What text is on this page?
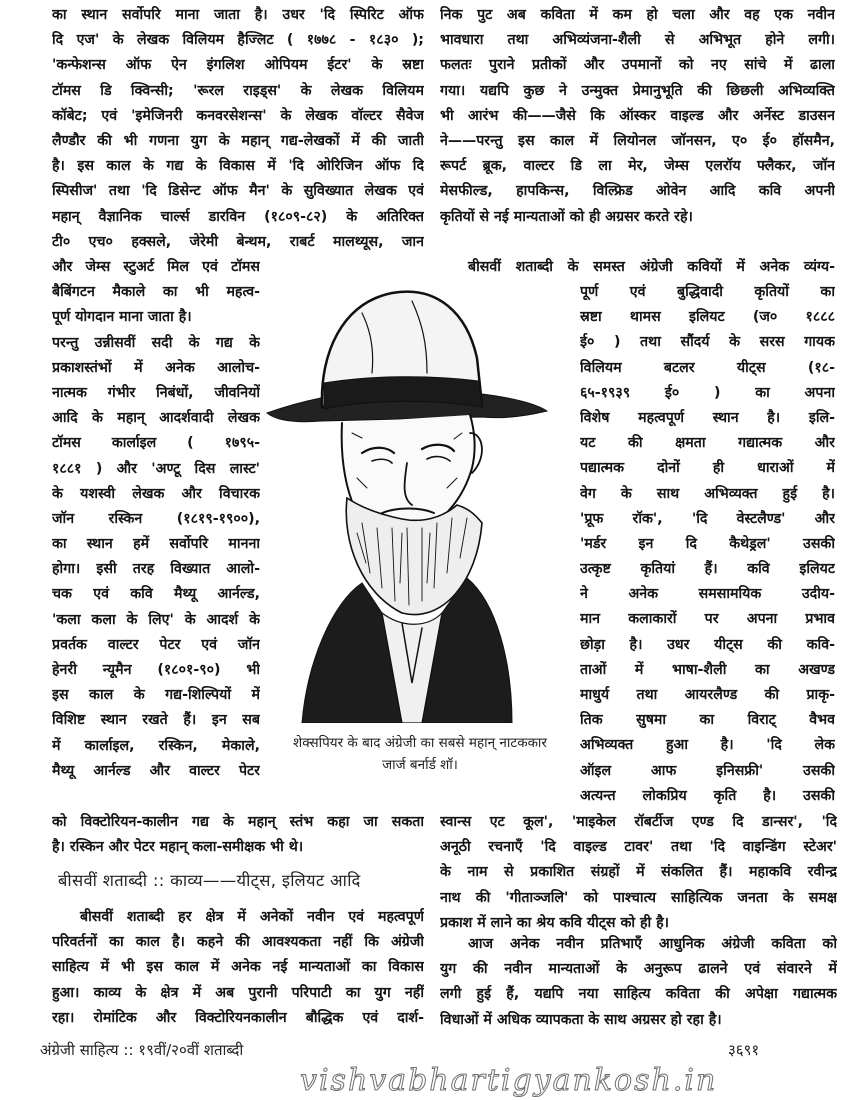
का स्थान सर्वोपरि माना जाता है। उधर 'दि स्पिरिट ऑफ
दि एज' के लेखक विलियम हैज्लिट ( १७७८ - १८३० );
'कन्फेशन्स ऑफ ऐन इंगलिश ओपियम ईटर' के स्रष्टा
टॉमस डि क्विन्सी; 'रूरल राइड्स' के लेखक विलियम
कॉबेट; एवं 'इमेजिनरी कनवरसेशन्स' के लेखक वॉल्टर सैवेज
लैण्डौर की भी गणना युग के महान् गद्य-लेखकों में की जाती
है। इस काल के गद्य के विकास में 'दि ओरिजिन ऑफ दि
स्पिसीज' तथा 'दि डिसेन्ट ऑफ मैन' के सुविख्यात लेखक एवं
महान् वैज्ञानिक चार्ल्स डारविन (१८०९-८२) के अतिरिक्त
टी० एच० हक्सले, जेरेमी बेन्थम, राबर्ट मालथ्यूस, जान
और जेम्स स्टुअर्ट मिल एवं टॉमस
बैबिंगटन मैकाले का भी महत्व-
पूर्ण योगदान माना जाता है।
परन्तु उन्नीसवीं सदी के गद्य के
प्रकाशस्तंभों में अनेक आलोच-
नात्मक गंभीर निबंधों, जीवनियों
आदि के महान् आदर्शवादी लेखक
टॉमस कार्लाइल ( १७९५-
१८८१ ) और 'अण्टू दिस लास्ट'
के यशस्वी लेखक और विचारक
जॉन रस्किन (१८१९-१९००),
का स्थान हमें सर्वोपरि मानना
होगा। इसी तरह विख्यात आलो-
चक एवं कवि मैथ्यू आर्नल्ड,
'कला कला के लिए' के आदर्श के
प्रवर्तक वाल्टर पेटर एवं जॉन
हेनरी न्यूमैन (१८०१-९०) भी
इस काल के गद्य-शिल्पियों में
विशिष्ट स्थान रखते हैं। इन सब
में कार्लाइल, रस्किन, मेकाले,
मैथ्यू आर्नल्ड और वाल्टर पेटर
को विक्टोरियन-कालीन गद्य के महान् स्तंभ कहा जा सकता
है। रस्किन और पेटर महान् कला-समीक्षक भी थे।
बीसवीं शताब्दी :: काव्य——यीट्स, इलियट आदि
बीसवीं शताब्दी हर क्षेत्र में अनेकों नवीन एवं महत्वपूर्ण
परिवर्तनों का काल है। कहने की आवश्यकता नहीं कि अंग्रेजी
साहित्य में भी इस काल में अनेक नई मान्यताओं का विकास
हुआ। काव्य के क्षेत्र में अब पुरानी परिपाटी का युग नहीं
रहा। रोमांटिक और विक्टोरियनकालीन बौद्धिक एवं दार्श-
निक पुट अब कविता में कम हो चला और वह एक नवीन
भावधारा तथा अभिव्यंजना-शैली से अभिभूत होने लगी।
फलतः पुराने प्रतीकों और उपमानों को नए सांचे में ढाला
गया। यद्यपि कुछ ने उन्मुक्त प्रेमानुभूति की छिछली अभिव्यक्ति
भी आरंभ की——जैसे कि ऑस्कर वाइल्ड और अर्नेस्ट डाउसन
ने——परन्तु इस काल में लियोनल जॉनसन, ए० ई० हॉसमैन,
रूपर्ट ब्रूक, वाल्टर डि ला मेर, जेम्स एलरॉय फ्लैकर, जॉन
मेसफील्ड, हापकिन्स, विल्फ्रिड ओवेन आदि कवि अपनी
कृतियों से नई मान्यताओं को ही अग्रसर करते रहे।
बीसवीं शताब्दी के समस्त अंग्रेजी कवियों में अनेक व्यंग्य-
पूर्ण एवं बुद्धिवादी कृतियों का
स्रष्टा थामस इलियट (ज० १८८८
ई० ) तथा सौंदर्य के सरस गायक
विलियम बटलर यीट्स (१८-
६५-१९३९ ई० ) का अपना
विशेष महत्वपूर्ण स्थान है। इलि-
यट की क्षमता गद्यात्मक और
पद्यात्मक दोनों ही धाराओं में
वेग के साथ अभिव्यक्त हुई है।
'प्रूफ रॉक', 'दि वेस्टलैण्ड' और
'मर्डर इन दि कैथेड्रल' उसकी
उत्कृष्ट कृतियां हैं। कवि इलियट
ने अनेक समसामयिक उदीय-
मान कलाकारों पर अपना प्रभाव
छोड़ा है। उधर यीट्स की कवि-
ताओं में भाषा-शैली का अखण्ड
माधुर्य तथा आयरलैण्ड की प्राकृ-
तिक सुषमा का विराट् वैभव
अभिव्यक्त हुआ है। 'दि लेक
ऑइल आफ इनिसफ्री' उसकी
अत्यन्त लोकप्रिय कृति है। उसकी
स्वान्स एट कूल', 'माइकेल रॉबर्टीज एण्ड दि डान्सर', 'दि
अनूठी रचनाएँ 'दि वाइल्ड टावर' तथा 'दि वाइन्डिंग स्टेअर'
के नाम से प्रकाशित संग्रहों में संकलित हैं। महाकवि रवीन्द्र
नाथ की 'गीताञ्जलि' को पाश्चात्य साहित्यिक जनता के समक्ष
प्रकाश में लाने का श्रेय कवि यीट्स को ही है।
आज अनेक नवीन प्रतिभाएँ आधुनिक अंग्रेजी कविता को
युग की नवीन मान्यताओं के अनुरूप ढालने एवं संवारने में
लगी हुई हैं, यद्यपि नया साहित्य कविता की अपेक्षा गद्यात्मक
विधाओं में अधिक व्यापकता के साथ अग्रसर हो रहा है।
शेक्सपियर के बाद अंग्रेजी का सबसे महान् नाटककार
जार्ज बर्नार्ड शॉ।
अंग्रेजी साहित्य :: १९वीं/२०वीं शताब्दी
vishvabhartigyankosh.in
३६९१
